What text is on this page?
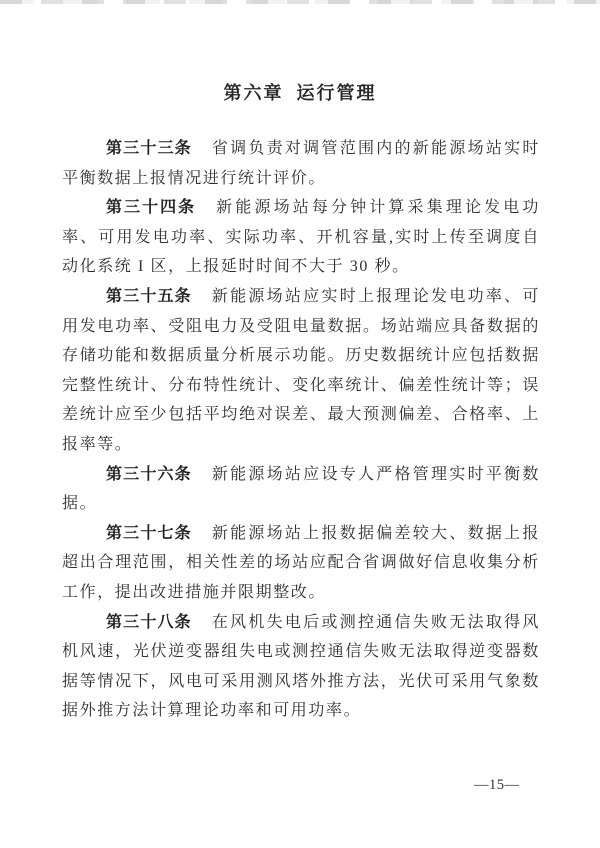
第六章  运行管理

第三十三条 省调负责对调管范围内的新能源场站实时平衡数据上报情况进行统计评价。

第三十四条 新能源场站每分钟计算采集理论发电功率、可用发电功率、实际功率、开机容量,实时上传至调度自动化系统 I 区，上报延时时间不大于 30 秒。

第三十五条 新能源场站应实时上报理论发电功率、可用发电功率、受阻电力及受阻电量数据。场站端应具备数据的存储功能和数据质量分析展示功能。历史数据统计应包括数据完整性统计、分布特性统计、变化率统计、偏差性统计等；误差统计应至少包括平均绝对误差、最大预测偏差、合格率、上报率等。

第三十六条 新能源场站应设专人严格管理实时平衡数据。

第三十七条 新能源场站上报数据偏差较大、数据上报超出合理范围，相关性差的场站应配合省调做好信息收集分析工作，提出改进措施并限期整改。

第三十八条 在风机失电后或测控通信失败无法取得风机风速，光伏逆变器组失电或测控通信失败无法取得逆变器数据等情况下，风电可采用测风塔外推方法，光伏可采用气象数据外推方法计算理论功率和可用功率。

—15—
